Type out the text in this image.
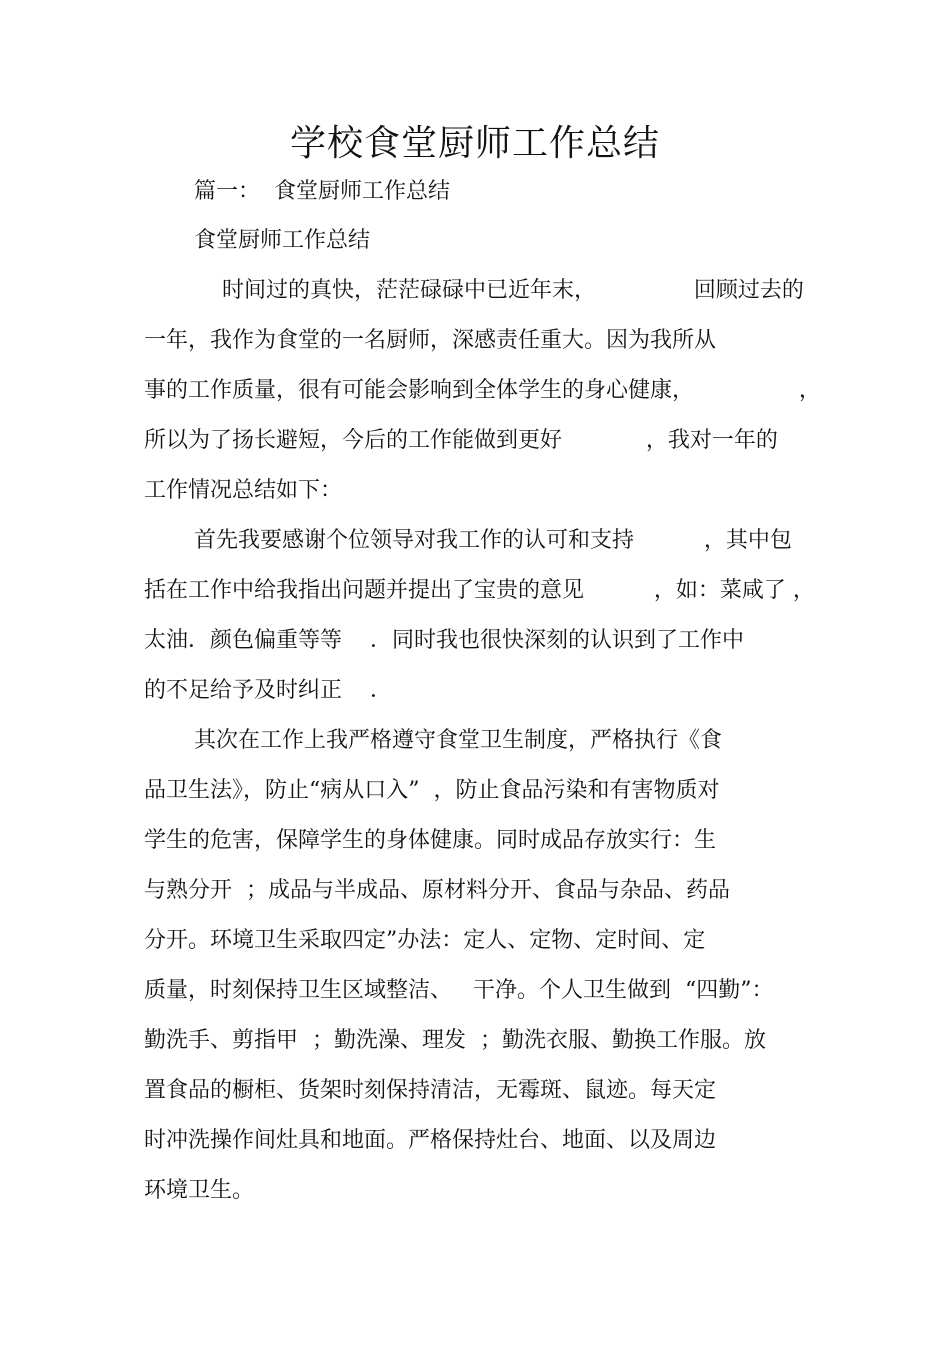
学校食堂厨师工作总结

篇一：  食堂厨师工作总结

食堂厨师工作总结

时间过的真快，茫茫碌碌中已近年末，              回顾过去的

一年，我作为食堂的一名厨师，深感责任重大。因为我所从

事的工作质量，很有可能会影响到全体学生的身心健康，               ，

所以为了扬长避短，今后的工作能做到更好            ，我对一年的

工作情况总结如下：

首先我要感谢个位领导对我工作的认可和支持          ，其中包

括在工作中给我指出问题并提出了宝贵的意见          ，如：菜咸了 ，

太油．颜色偏重等等    ．同时我也很快深刻的认识到了工作中

的不足给予及时纠正    ．

其次在工作上我严格遵守食堂卫生制度，严格执行《食

品卫生法》，防止“病从口入”  ，防止食品污染和有害物质对

学生的危害，保障学生的身体健康。同时成品存放实行：生

与熟分开  ；成品与半成品、原材料分开、食品与杂品、药品

分开。环境卫生采取四定”办法：定人、定物、定时间、定

质量，时刻保持卫生区域整洁、   干净。个人卫生做到  “四勤”：

勤洗手、剪指甲  ；勤洗澡、理发  ；勤洗衣服、勤换工作服。放

置食品的橱柜、货架时刻保持清洁，无霉斑、鼠迹。每天定

时冲洗操作间灶具和地面。严格保持灶台、地面、以及周边

环境卫生。
